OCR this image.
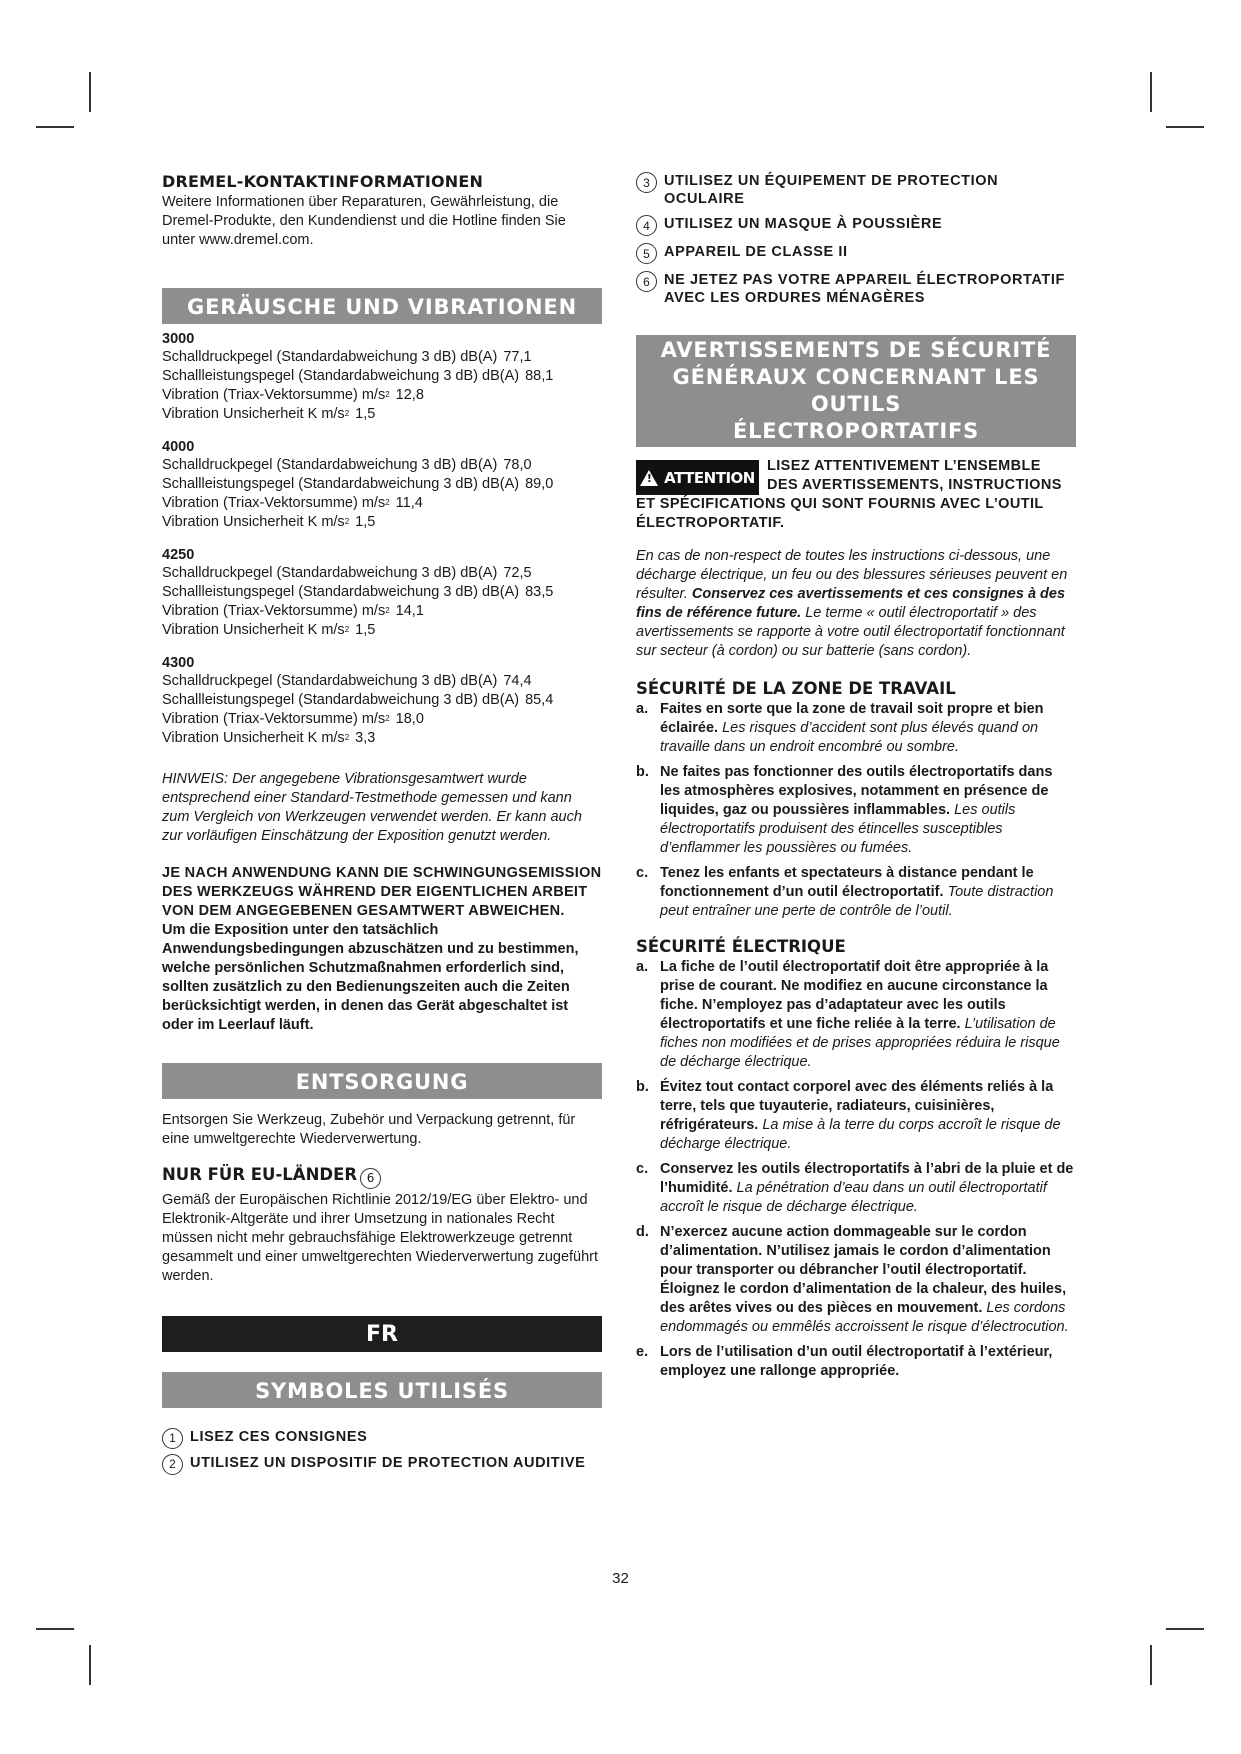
DREMEL-KONTAKTINFORMATIONEN

Weitere Informationen über Reparaturen, Gewährleistung, die Dremel-Produkte, den Kundendienst und die Hotline finden Sie unter www.dremel.com.

GERÄUSCHE UND VIBRATIONEN
3000
Schalldruckpegel (Standardabweichung 3 dB) dB(A) 77,1
Schallleistungspegel (Standardabweichung 3 dB) dB(A) 88,1
Vibration (Triax-Vektorsumme) $m/s^2$ 12,8
Vibration Unsicherheit K $m/s^2$ 1,5
4000
Schalldruckpegel (Standardabweichung 3 dB) dB(A) 78,0
Schallleistungspegel (Standardabweichung 3 dB) dB(A) 89,0
Vibration (Triax-Vektorsumme) $m/s^2$ 11,4
Vibration Unsicherheit K $m/s^2$ 1,5
4250
Schalldruckpegel (Standardabweichung 3 dB) dB(A) 72,5
Schallleistungspegel (Standardabweichung 3 dB) dB(A) 83,5
Vibration (Triax-Vektorsumme) $m/s^2$ 14,1
Vibration Unsicherheit K $m/s^2$ 1,5
4300
Schalldruckpegel (Standardabweichung 3 dB) dB(A) 74,4
Schallleistungspegel (Standardabweichung 3 dB) dB(A) 85,4
Vibration (Triax-Vektorsumme) $m/s^2$ 18,0
Vibration Unsicherheit K $m/s^2$ 3,3

HINWEIS: Der angegebene Vibrationsgesamtwert wurde entsprechend einer Standard-Testmethode gemessen und kann zum Vergleich von Werkzeugen verwendet werden. Er kann auch zur vorläufigen Einschätzung der Exposition genutzt werden.

JE NACH ANWENDUNG KANN DIE SCHWINGUNGSEMISSION DES WERKZEUGS WÄHREND DER EIGENTLICHEN ARBEIT VON DEM ANGEGEBENEN GESAMTWERT ABWEICHEN.

Um die Exposition unter den tatsächlich Anwendungsbedingungen abzuschätzen und zu bestimmen, welche persönlichen Schutzmaßnahmen erforderlich sind, sollten zusätzlich zu den Bedienungszeiten auch die Zeiten berücksichtigt werden, in denen das Gerät abgeschaltet ist oder im Leerlauf läuft.

ENTSORGUNG

Entsorgen Sie Werkzeug, Zubehör und Verpackung getrennt, für eine umweltgerechte Wiederverwertung.

NUR FÜR EU-LÄNDER 6

Gemäß der Europäischen Richtlinie 2012/19/EG über Elektro- und Elektronik-Altgeräte und ihrer Umsetzung in nationales Recht müssen nicht mehr gebrauchsfähige Elektrowerkzeuge getrennt gesammelt und einer umweltgerechten Wiederverwertung zugeführt werden.

FR
SYMBOLES UTILISÉS
1 LISEZ CES CONSIGNES
2 UTILISEZ UN DISPOSITIF DE PROTECTION AUDITIVE
3 UTILISEZ UN ÉQUIPEMENT DE PROTECTION OCULAIRE
4 UTILISEZ UN MASQUE À POUSSIÈRE
5 APPAREIL DE CLASSE II
6 NE JETEZ PAS VOTRE APPAREIL ÉLECTROPORTATIF AVEC LES ORDURES MÉNAGÈRES
AVERTISSEMENTS DE SÉCURITÉ
GÉNÉRAUX CONCERNANT LES OUTILS
ÉLECTROPORTATIFS
! ATTENTION
LISEZ ATTENTIVEMENT L’ENSEMBLE DES AVERTISSEMENTS, INSTRUCTIONS ET SPÉCIFICATIONS QUI SONT FOURNIS AVEC L’OUTIL ÉLECTROPORTATIF.

En cas de non-respect de toutes les instructions ci-dessous, une décharge électrique, un feu ou des blessures sérieuses peuvent en résulter. Conservez ces avertissements et ces consignes à des fins de référence future. Le terme « outil électroportatif » des avertissements se rapporte à votre outil électroportatif fonctionnant sur secteur (à cordon) ou sur batterie (sans cordon).

SÉCURITÉ DE LA ZONE DE TRAVAIL
a. Faites en sorte que la zone de travail soit propre et bien éclairée. Les risques d’accident sont plus élevés quand on travaille dans un endroit encombré ou sombre.
b. Ne faites pas fonctionner des outils électroportatifs dans les atmosphères explosives, notamment en présence de liquides, gaz ou poussières inflammables. Les outils électroportatifs produisent des étincelles susceptibles d’enflammer les poussières ou fumées.
c. Tenez les enfants et spectateurs à distance pendant le fonctionnement d’un outil électroportatif. Toute distraction peut entraîner une perte de contrôle de l’outil.
SÉCURITÉ ÉLECTRIQUE
a. La fiche de l’outil électroportatif doit être appropriée à la prise de courant. Ne modifiez en aucune circonstance la fiche. N’employez pas d’adaptateur avec les outils électroportatifs et une fiche reliée à la terre. L’utilisation de fiches non modifiées et de prises appropriées réduira le risque de décharge électrique.
b. Évitez tout contact corporel avec des éléments reliés à la terre, tels que tuyauterie, radiateurs, cuisinières, réfrigérateurs. La mise à la terre du corps accroît le risque de décharge électrique.
c. Conservez les outils électroportatifs à l’abri de la pluie et de l’humidité. La pénétration d’eau dans un outil électroportatif accroît le risque de décharge électrique.
d. N’exercez aucune action dommageable sur le cordon d’alimentation. N’utilisez jamais le cordon d’alimentation pour transporter ou débrancher l’outil électroportatif. Éloignez le cordon d’alimentation de la chaleur, des huiles, des arêtes vives ou des pièces en mouvement. Les cordons endommagés ou emmêlés accroissent le risque d’électrocution.
e. Lors de l’utilisation d’un outil électroportatif à l’extérieur, employez une rallonge appropriée.
32
